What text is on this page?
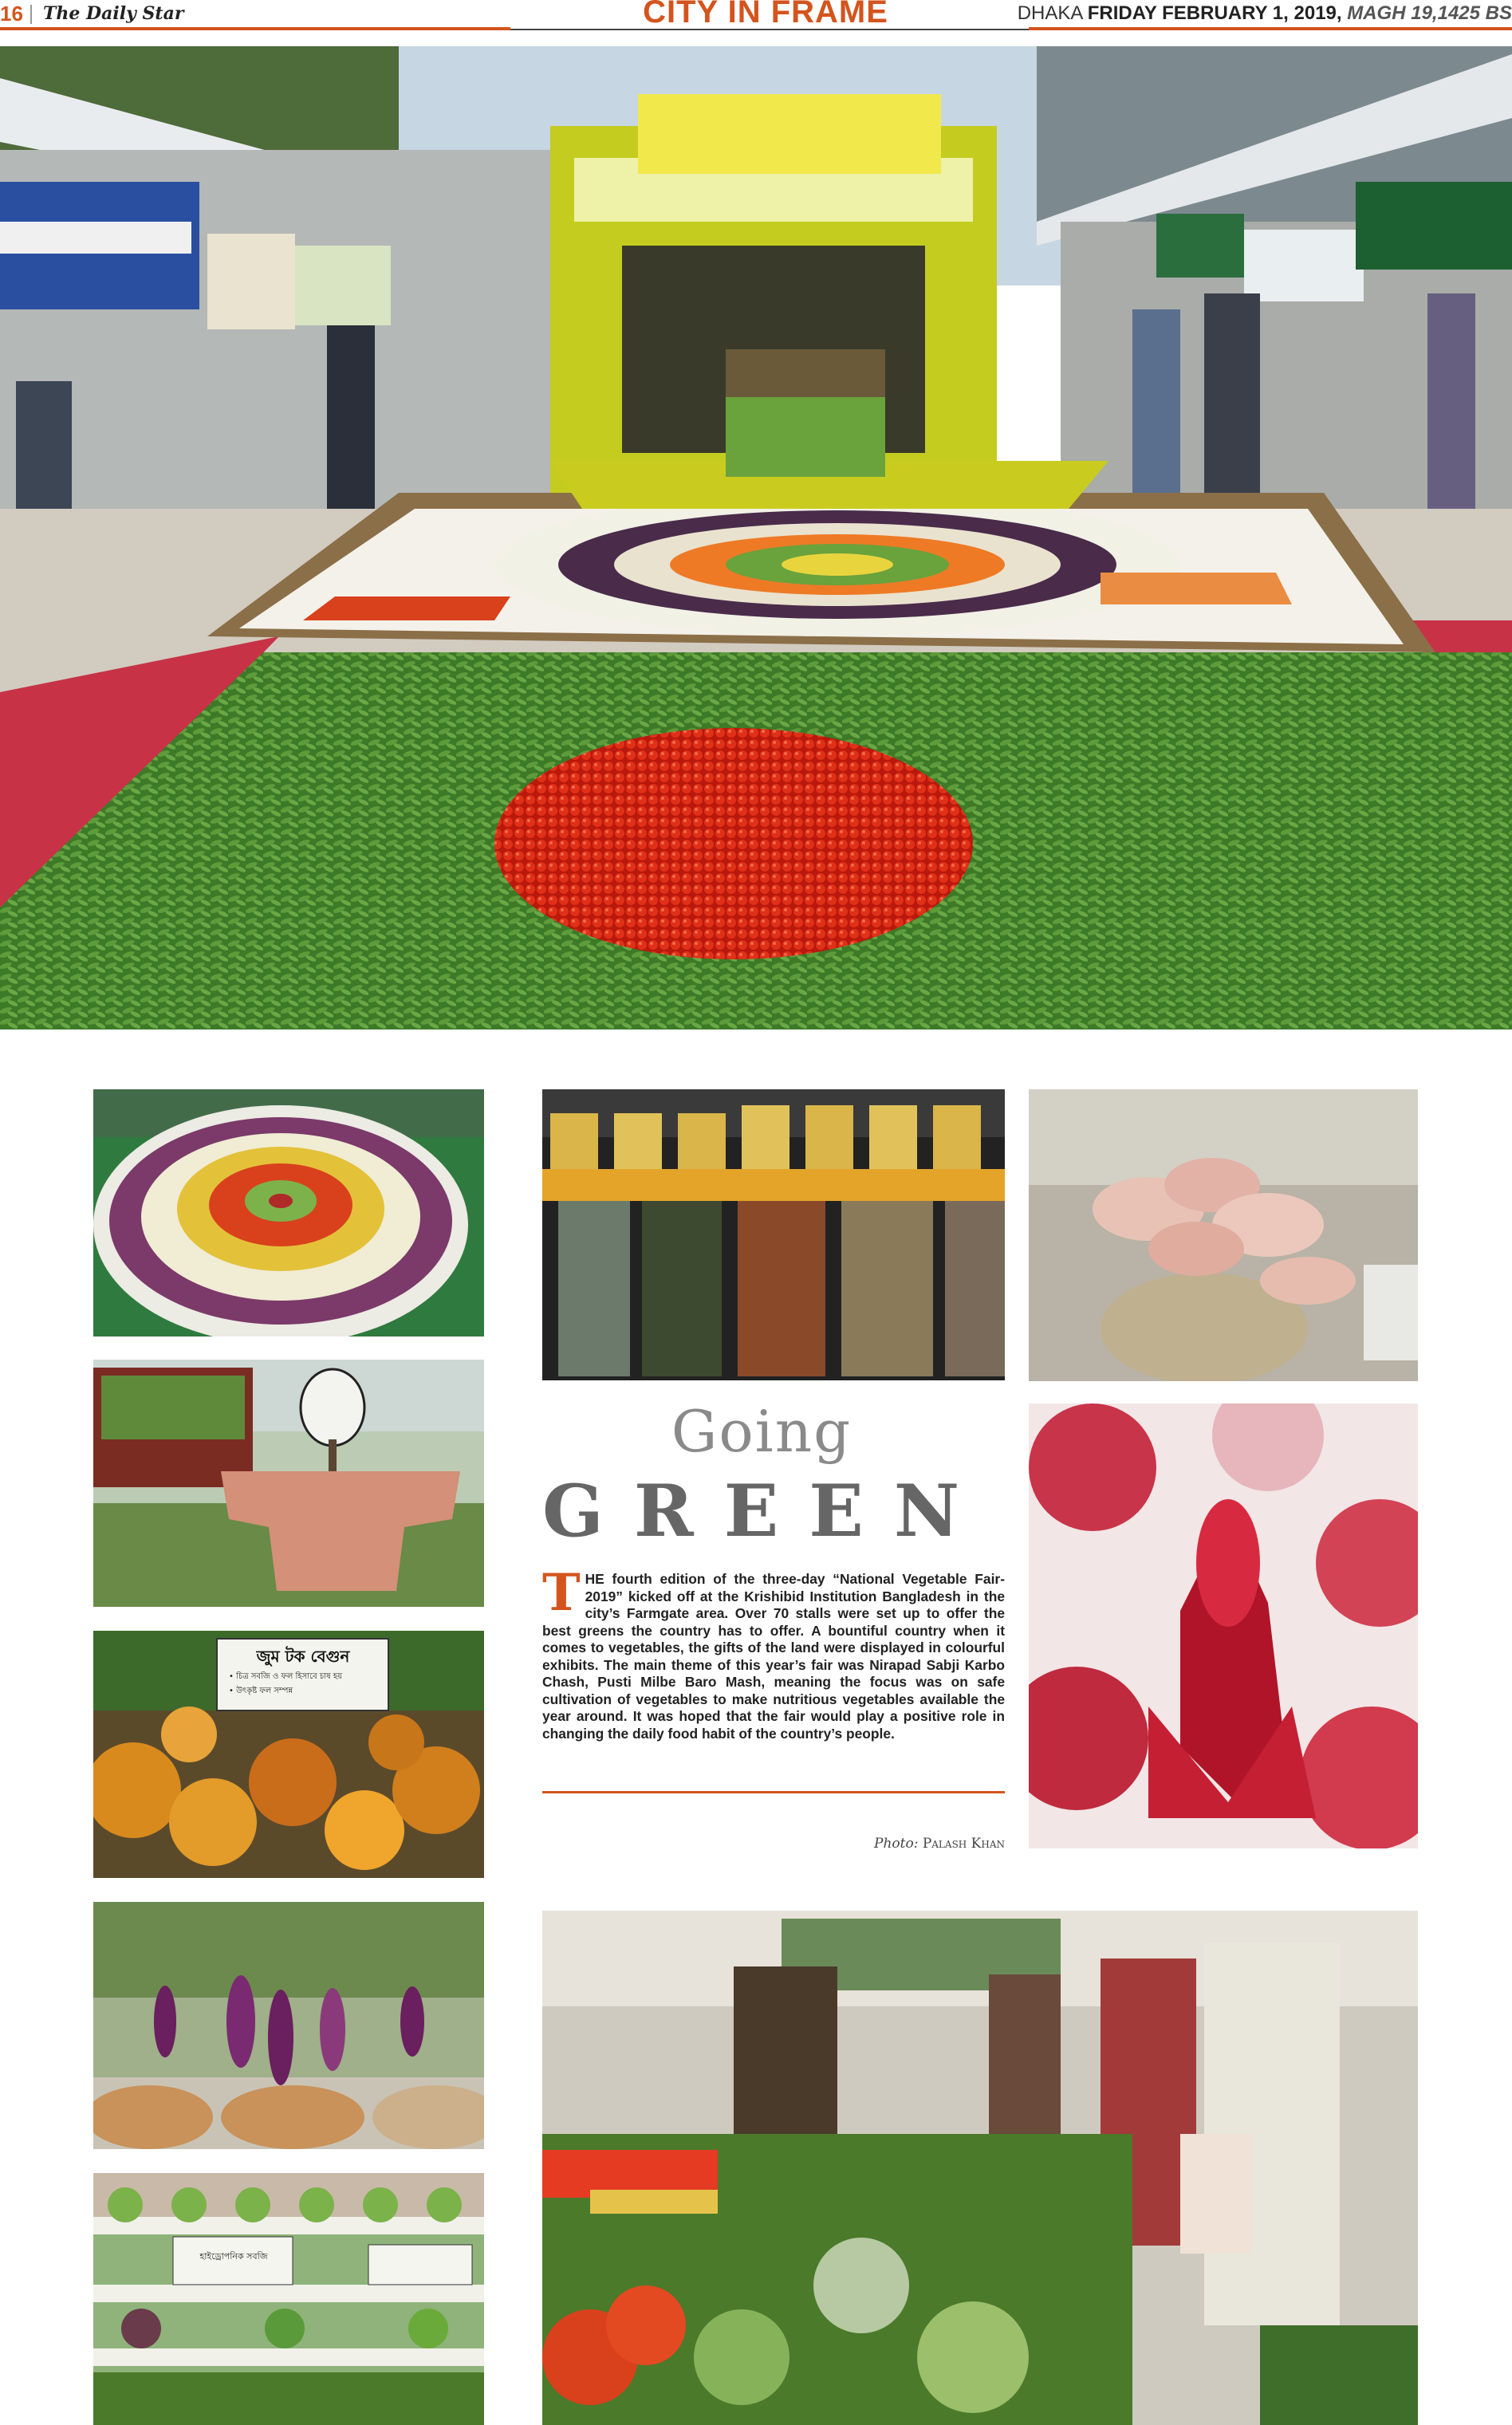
16 The Daily Star	CITY IN FRAME	DHAKA FRIDAY FEBRUARY 1, 2019, MAGH 19,1425 BS
জুম টক বেগুন
• চিত্র সবজি ও ফল হিসাবে চাষ হয়
• উৎকৃষ্ট ফল সম্পন্ন
হাইড্রোপনিক সবজি
Going
GREEN
THE fourth edition of the three-day “National Vegetable Fair-2019” kicked off at the Krishibid Institution Bangladesh in the city’s Farmgate area. Over 70 stalls were set up to offer the best greens the country has to offer. A bountiful country when it comes to vegetables, the gifts of the land were displayed in colourful exhibits. The main theme of this year’s fair was Nirapad Sabji Karbo Chash, Pusti Milbe Baro Mash, meaning the focus was on safe cultivation of vegetables to make nutritious vegetables available the year around. It was hoped that the fair would play a positive role in changing the daily food habit of the country’s people.
Photo: Palash Khan
